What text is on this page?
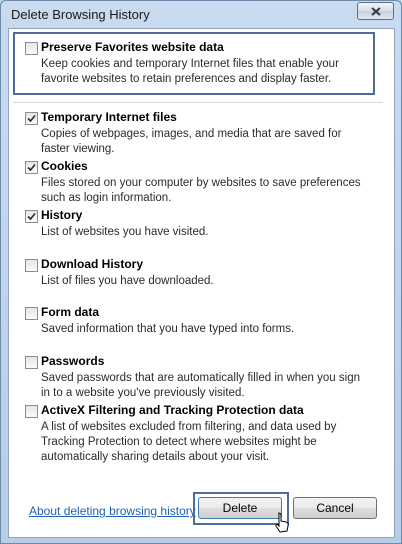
Delete Browsing History
Preserve Favorites website data
Keep cookies and temporary Internet files that enable your favorite websites to retain preferences and display faster.
Temporary Internet files
Copies of webpages, images, and media that are saved for faster viewing.
Cookies
Files stored on your computer by websites to save preferences such as login information.
History
List of websites you have visited.
Download History
List of files you have downloaded.
Form data
Saved information that you have typed into forms.
Passwords
Saved passwords that are automatically filled in when you sign in to a website you've previously visited.
ActiveX Filtering and Tracking Protection data
A list of websites excluded from filtering, and data used by Tracking Protection to detect where websites might be automatically sharing details about your visit.
About deleting browsing history	Delete	Cancel
